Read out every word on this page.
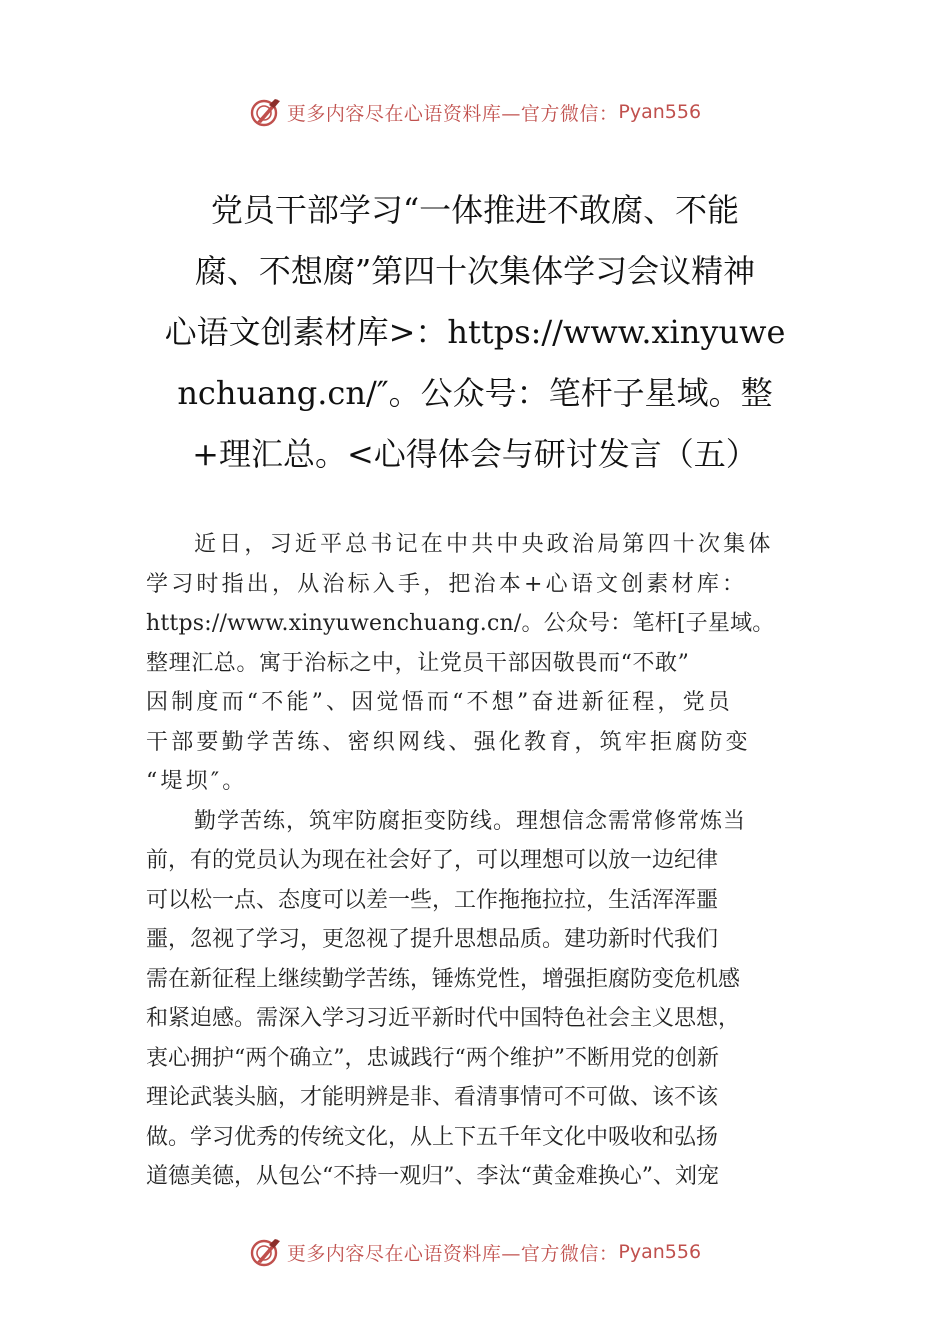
更多内容尽在心语资料库—官方微信： Pyan556
党员干部学习“一体推进不敢腐、不能
腐、不想腐”第四十次集体学习会议精神
心语文创素材库>：https://www.xinyuwe
nchuang.cn/″。公众号：笔杆子星域。整
+理汇总。<心得体会与研讨发言（五）
近日，习近平总书记在中共中央政治局第四十次集体
学习时指出，从治标入手，把治本+心语文创素材库：
https://www.xinyuwenchuang.cn/。公众号：笔杆[子星域。
整理汇总。寓于治标之中，让党员干部因敬畏而“不敢”
因制度而“不能”、因觉悟而“不想”奋进新征程，党员
干部要勤学苦练、密织网线、强化教育，筑牢拒腐防变
“堤坝″。
勤学苦练，筑牢防腐拒变防线。理想信念需常修常炼当
前，有的党员认为现在社会好了，可以理想可以放一边纪律
可以松一点、态度可以差一些，工作拖拖拉拉，生活浑浑噩
噩，忽视了学习，更忽视了提升思想品质。建功新时代我们
需在新征程上继续勤学苦练，锤炼党性，增强拒腐防变危机感
和紧迫感。需深入学习习近平新时代中国特色社会主义思想，
衷心拥护“两个确立”，忠诚践行“两个维护”不断用党的创新
理论武装头脑，才能明辨是非、看清事情可不可做、该不该
做。学习优秀的传统文化，从上下五千年文化中吸收和弘扬
道德美德，从包公“不持一观归”、李汰“黄金难换心”、刘宠
更多内容尽在心语资料库—官方微信： Pyan556
